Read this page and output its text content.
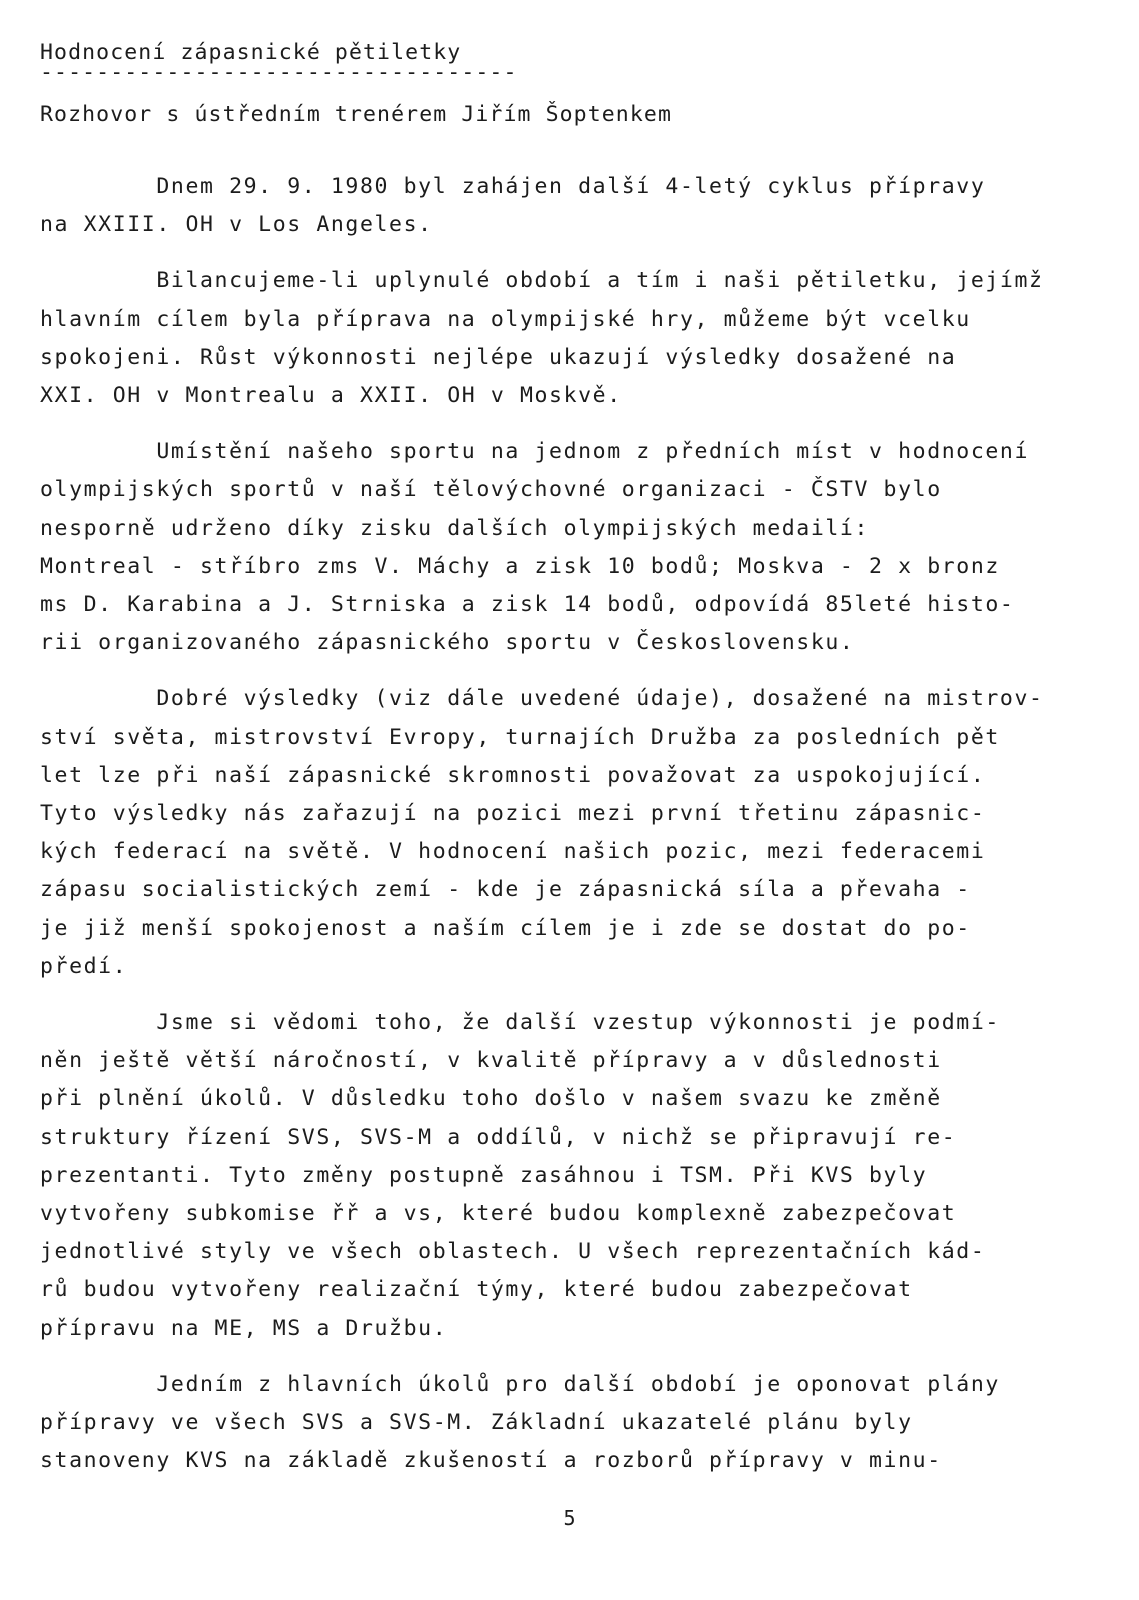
Hodnocení zápasnické pětiletky
----------------------------------
Rozhovor s ústředním trenérem Jiřím Šoptenkem
Dnem 29. 9. 1980 byl zahájen další 4-letý cyklus přípravy
na XXIII. OH v Los Angeles.
Bilancujeme-li uplynulé období a tím i naši pětiletku, jejímž
hlavním cílem byla příprava na olympijské hry, můžeme být vcelku
spokojeni. Růst výkonnosti nejlépe ukazují výsledky dosažené na
XXI. OH v Montrealu a XXII. OH v Moskvě.
Umístění našeho sportu na jednom z předních míst v hodnocení
olympijských sportů v naší tělovýchovné organizaci - ČSTV bylo
nesporně udrženo díky zisku dalších olympijských medailí:
Montreal - stříbro zms V. Máchy a zisk 10 bodů; Moskva - 2 x bronz
ms D. Karabina a J. Strniska a zisk 14 bodů, odpovídá 85leté histo-
rii organizovaného zápasnického sportu v Československu.
Dobré výsledky (viz dále uvedené údaje), dosažené na mistrov-
ství světa, mistrovství Evropy, turnajích Družba za posledních pět
let lze při naší zápasnické skromnosti považovat za uspokojující.
Tyto výsledky nás zařazují na pozici mezi první třetinu zápasnic-
kých federací na světě. V hodnocení našich pozic, mezi federacemi
zápasu socialistických zemí - kde je zápasnická síla a převaha -
je již menší spokojenost a naším cílem je i zde se dostat do po-
předí.
Jsme si vědomi toho, že další vzestup výkonnosti je podmí-
něn ještě větší náročností, v kvalitě přípravy a v důslednosti
při plnění úkolů. V důsledku toho došlo v našem svazu ke změně
struktury řízení SVS, SVS-M a oddílů, v nichž se připravují re-
prezentanti. Tyto změny postupně zasáhnou i TSM. Při KVS byly
vytvořeny subkomise řř a vs, které budou komplexně zabezpečovat
jednotlivé styly ve všech oblastech. U všech reprezentačních kád-
rů budou vytvořeny realizační týmy, které budou zabezpečovat
přípravu na ME, MS a Družbu.
Jedním z hlavních úkolů pro další období je oponovat plány
přípravy ve všech SVS a SVS-M. Základní ukazatelé plánu byly
stanoveny KVS na základě zkušeností a rozborů přípravy v minu-
5
